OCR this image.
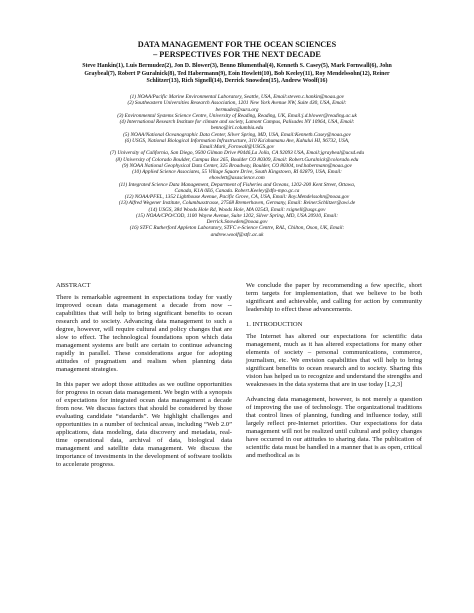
DATA MANAGEMENT FOR THE OCEAN SCIENCES
– PERSPECTIVES FOR THE NEXT DECADE
Steve Hankin(1), Luis Bermudez(2), Jon D. Blower(3), Benno Blumenthal(4), Kenneth S. Casey(5), Mark Fornwall(6), John
Graybeal(7), Robert P Guralnick(8), Ted Habermann(9), Eoin Howlett(10), Bob Keeley(11), Roy Mendelssohn(12), Reiner
Schlitzer(13), Rich Signell(14), Derrick Snowden(15), Andrew Woolf(16)
(1) NOAA/Pacific Marine Environmental Laboratory, Seattle, USA, Email:steven.c.hankin@noaa.gov
(2) Southeastern Universities Research Association, 1201 New York Avenue NW, Suite 430, USA, Email:
bermudez@sura.org
(3) Environmental Systems Science Centre, University of Reading, Reading, UK, Email:j.d.blower@reading.ac.uk
(4) International Research Institute for climate and society, Lamont Campus, Palisades NY 10964, USA, Email:
benno@iri.columbia.edu
(5) NOAA/National Oceanographic Data Center, Silver Spring, MD, USA, Email:Kenneth.Casey@noaa.gov
(6) USGS, National Biological Information Infrastructure, 310 Ka'ahumanu Ave, Kahului HI, 96732, USA,
Email:Mark_Fornwall@USGS.gov
(7) University of California, San Diego, 9500 Gilman Drive #0446,La Jolla, CA 92093 USA, Email:jgraybeal@ucsd.edu
(8) University of Colorado Boulder, Campus Box 265, Boulder CO 80309, Email: Robert.Guralnick@colorado.edu
(9) NOAA National Geophysical Data Center, 325 Broadway, Boulder, CO 80304, ted.habermann@noaa.gov
(10) Applied Science Associates, 55 Village Square Drive, South Kingstown, RI 02879, USA, Email:
ehowlett@asascience.com
(11) Integrated Science Data Management, Department of Fisheries and Oceans, 1202-200 Kent Street, Ottawa,
Canada, K1A 0E6, Canada. Robert.Keeley@dfo-mpo.gc.ca
(12) NOAA/PFEL, 1352 Lighthouse Avenue, Pacific Grove, CA, USA, Email: Roy.Mendelssohn@noaa.gov
(13) Alfred Wegener Institute, Columbusstrasse, 27568 Bremerhaven, Germany, Email: Reiner.Schlitzer@awi.de
(14) USGS, 384 Woods Hole Rd, Woods Hole, MA 02543, Email: rsignell@usgs.gov
(15) NOAA/CPO/COD, 1100 Wayne Avenue, Suite 1202, Silver Spring, MD, USA 20910, Email:
Derrick.Snowden@noaa.gov
(16) STFC Rutherford Appleton Laboratory, STFC e-Science Centre, RAL, Chilton, Oxon, UK, Email:
andrew.woolf@stfc.ac.uk
ABSTRACT
There is remarkable agreement in expectations today for vastly improved ocean data management a decade from now -- capabilities that will help to bring significant benefits to ocean research and to society. Advancing data management to such a degree, however, will require cultural and policy changes that are slow to effect. The technological foundations upon which data management systems are built are certain to continue advancing rapidly in parallel. These considerations argue for adopting attitudes of pragmatism and realism when planning data management strategies.
In this paper we adopt those attitudes as we outline opportunities for progress in ocean data management. We begin with a synopsis of expectations for integrated ocean data management a decade from now. We discuss factors that should be considered by those evaluating candidate “standards”. We highlight challenges and opportunities in a number of technical areas, including “Web 2.0” applications, data modeling, data discovery and metadata, real-time operational data, archival of data, biological data management and satellite data management. We discuss the importance of investments in the development of software toolkits to accelerate progress.
We conclude the paper by recommending a few specific, short term targets for implementation, that we believe to be both significant and achievable, and calling for action by community leadership to effect these advancements.
1. INTRODUCTION
The Internet has altered our expectations for scientific data management, much as it has altered expectations for many other elements of society – personal communications, commerce, journalism, etc. We envision capabilities that will help to bring significant benefits to ocean research and to society. Sharing this vision has helped us to recognize and understand the strengths and weaknesses in the data systems that are in use today [1,2,3]
Advancing data management, however, is not merely a question of improving the use of technology. The organizational traditions that control lines of planning, funding and influence today, still largely reflect pre-Internet priorities. Our expectations for data management will not be realized until cultural and policy changes have occurred in our attitudes to sharing data. The publication of scientific data must be handled in a manner that is as open, critical and methodical as is
